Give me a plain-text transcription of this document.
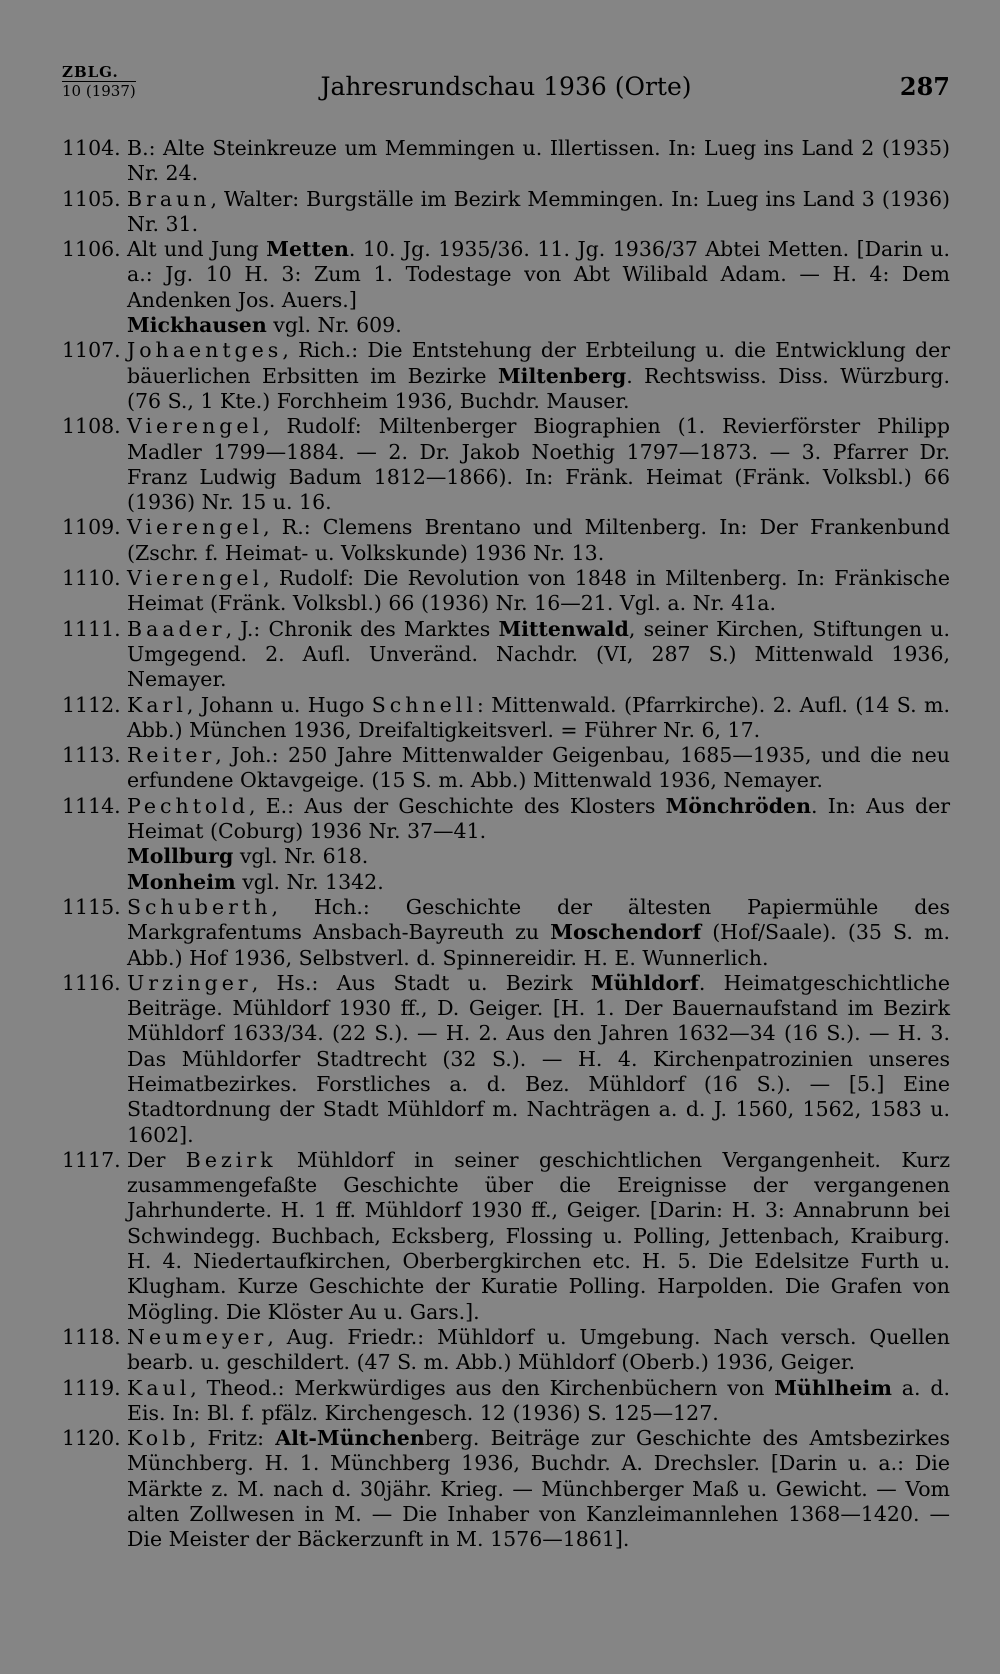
ZBLG.
10 (1937)	Jahresrundschau 1936 (Orte)	287
1104. B.: Alte Steinkreuze um Memmingen u. Illertissen. In: Lueg ins Land 2 (1935) Nr. 24.
1105. Braun, Walter: Burgställe im Bezirk Memmingen. In: Lueg ins Land 3 (1936) Nr. 31.
1106. Alt und Jung Metten. 10. Jg. 1935/36. 11. Jg. 1936/37 Abtei Metten. [Darin u. a.: Jg. 10 H. 3: Zum 1. Todestage von Abt Wilibald Adam. — H. 4: Dem Andenken Jos. Auers.]
Mickhausen vgl. Nr. 609.
1107. Johaentges, Rich.: Die Entstehung der Erbteilung u. die Entwicklung der bäuerlichen Erbsitten im Bezirke Miltenberg. Rechtswiss. Diss. Würzburg. (76 S., 1 Kte.) Forchheim 1936, Buchdr. Mauser.
1108. Vierengel, Rudolf: Miltenberger Biographien (1. Revierförster Philipp Madler 1799—1884. — 2. Dr. Jakob Noethig 1797—1873. — 3. Pfarrer Dr. Franz Ludwig Badum 1812—1866). In: Fränk. Heimat (Fränk. Volksbl.) 66 (1936) Nr. 15 u. 16.
1109. Vierengel, R.: Clemens Brentano und Miltenberg. In: Der Frankenbund (Zschr. f. Heimat- u. Volkskunde) 1936 Nr. 13.
1110. Vierengel, Rudolf: Die Revolution von 1848 in Miltenberg. In: Fränkische Heimat (Fränk. Volksbl.) 66 (1936) Nr. 16—21. Vgl. a. Nr. 41a.
1111. Baader, J.: Chronik des Marktes Mittenwald, seiner Kirchen, Stiftungen u. Umgegend. 2. Aufl. Unveränd. Nachdr. (VI, 287 S.) Mittenwald 1936, Nemayer.
1112. Karl, Johann u. Hugo Schnell: Mittenwald. (Pfarrkirche). 2. Aufl. (14 S. m. Abb.) München 1936, Dreifaltigkeitsverl. = Führer Nr. 6, 17.
1113. Reiter, Joh.: 250 Jahre Mittenwalder Geigenbau, 1685—1935, und die neu erfundene Oktavgeige. (15 S. m. Abb.) Mittenwald 1936, Nemayer.
1114. Pechtold, E.: Aus der Geschichte des Klosters Mönchröden. In: Aus der Heimat (Coburg) 1936 Nr. 37—41.
Mollburg vgl. Nr. 618.
Monheim vgl. Nr. 1342.
1115. Schuberth, Hch.: Geschichte der ältesten Papiermühle des Markgrafentums Ansbach-Bayreuth zu Moschendorf (Hof/Saale). (35 S. m. Abb.) Hof 1936, Selbstverl. d. Spinnereidir. H. E. Wunnerlich.
1116. Urzinger, Hs.: Aus Stadt u. Bezirk Mühldorf. Heimatgeschichtliche Beiträge. Mühldorf 1930 ff., D. Geiger. [H. 1. Der Bauernaufstand im Bezirk Mühldorf 1633/34. (22 S.). — H. 2. Aus den Jahren 1632—34 (16 S.). — H. 3. Das Mühldorfer Stadtrecht (32 S.). — H. 4. Kirchenpatrozinien unseres Heimatbezirkes. Forstliches a. d. Bez. Mühldorf (16 S.). — [5.] Eine Stadtordnung der Stadt Mühldorf m. Nachträgen a. d. J. 1560, 1562, 1583 u. 1602].
1117. Der Bezirk Mühldorf in seiner geschichtlichen Vergangenheit. Kurz zusammengefaßte Geschichte über die Ereignisse der vergangenen Jahrhunderte. H. 1 ff. Mühldorf 1930 ff., Geiger. [Darin: H. 3: Annabrunn bei Schwindegg. Buchbach, Ecksberg, Flossing u. Polling, Jettenbach, Kraiburg. H. 4. Niedertaufkirchen, Oberbergkirchen etc. H. 5. Die Edelsitze Furth u. Klugham. Kurze Geschichte der Kuratie Polling. Harpolden. Die Grafen von Mögling. Die Klöster Au u. Gars.].
1118. Neumeyer, Aug. Friedr.: Mühldorf u. Umgebung. Nach versch. Quellen bearb. u. geschildert. (47 S. m. Abb.) Mühldorf (Oberb.) 1936, Geiger.
1119. Kaul, Theod.: Merkwürdiges aus den Kirchenbüchern von Mühlheim a. d. Eis. In: Bl. f. pfälz. Kirchengesch. 12 (1936) S. 125—127.
1120. Kolb, Fritz: Alt-Münchenberg. Beiträge zur Geschichte des Amtsbezirkes Münchberg. H. 1. Münchberg 1936, Buchdr. A. Drechsler. [Darin u. a.: Die Märkte z. M. nach d. 30jähr. Krieg. — Münchberger Maß u. Gewicht. — Vom alten Zollwesen in M. — Die Inhaber von Kanzleimannlehen 1368—1420. — Die Meister der Bäckerzunft in M. 1576—1861].
